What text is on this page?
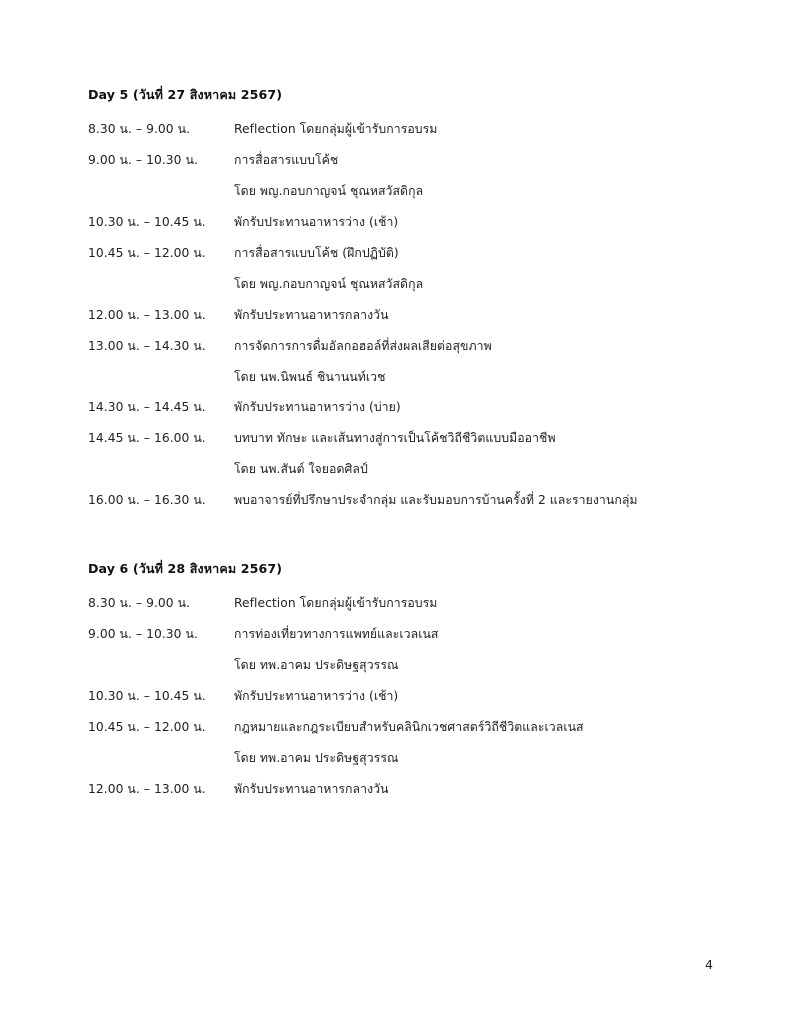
Day 5 (วันที่ 27 สิงหาคม 2567)
8.30 น. – 9.00 น.	Reflection โดยกลุ่มผู้เข้ารับการอบรม
9.00 น. – 10.30 น.	การสื่อสารแบบโค้ช
โดย พญ.กอบกาญจน์ ชุณหสวัสดิกุล
10.30 น. – 10.45 น.	พักรับประทานอาหารว่าง (เช้า)
10.45 น. – 12.00 น.	การสื่อสารแบบโค้ช (ฝึกปฏิบัติ)
โดย พญ.กอบกาญจน์ ชุณหสวัสดิกุล
12.00 น. – 13.00 น.	พักรับประทานอาหารกลางวัน
13.00 น. – 14.30 น.	การจัดการการดื่มอัลกอฮอล์ที่ส่งผลเสียต่อสุขภาพ
โดย นพ.นิพนธ์ ชินานนท์เวช
14.30 น. – 14.45 น.	พักรับประทานอาหารว่าง (บ่าย)
14.45 น. – 16.00 น.	บทบาท ทักษะ และเส้นทางสู่การเป็นโค้ชวิถีชีวิตแบบมืออาชีพ
โดย นพ.สันต์ ใจยอดศิลป์
16.00 น. – 16.30 น.	พบอาจารย์ที่ปรึกษาประจำกลุ่ม และรับมอบการบ้านครั้งที่ 2 และรายงานกลุ่ม
Day 6 (วันที่ 28 สิงหาคม 2567)
8.30 น. – 9.00 น.	Reflection โดยกลุ่มผู้เข้ารับการอบรม
9.00 น. – 10.30 น.	การท่องเที่ยวทางการแพทย์และเวลเนส
โดย ทพ.อาคม ประดิษฐสุวรรณ
10.30 น. – 10.45 น.	พักรับประทานอาหารว่าง (เช้า)
10.45 น. – 12.00 น.	กฎหมายและกฎระเบียบสำหรับคลินิกเวชศาสตร์วิถีชีวิตและเวลเนส
โดย ทพ.อาคม ประดิษฐสุวรรณ
12.00 น. – 13.00 น.	พักรับประทานอาหารกลางวัน
4
